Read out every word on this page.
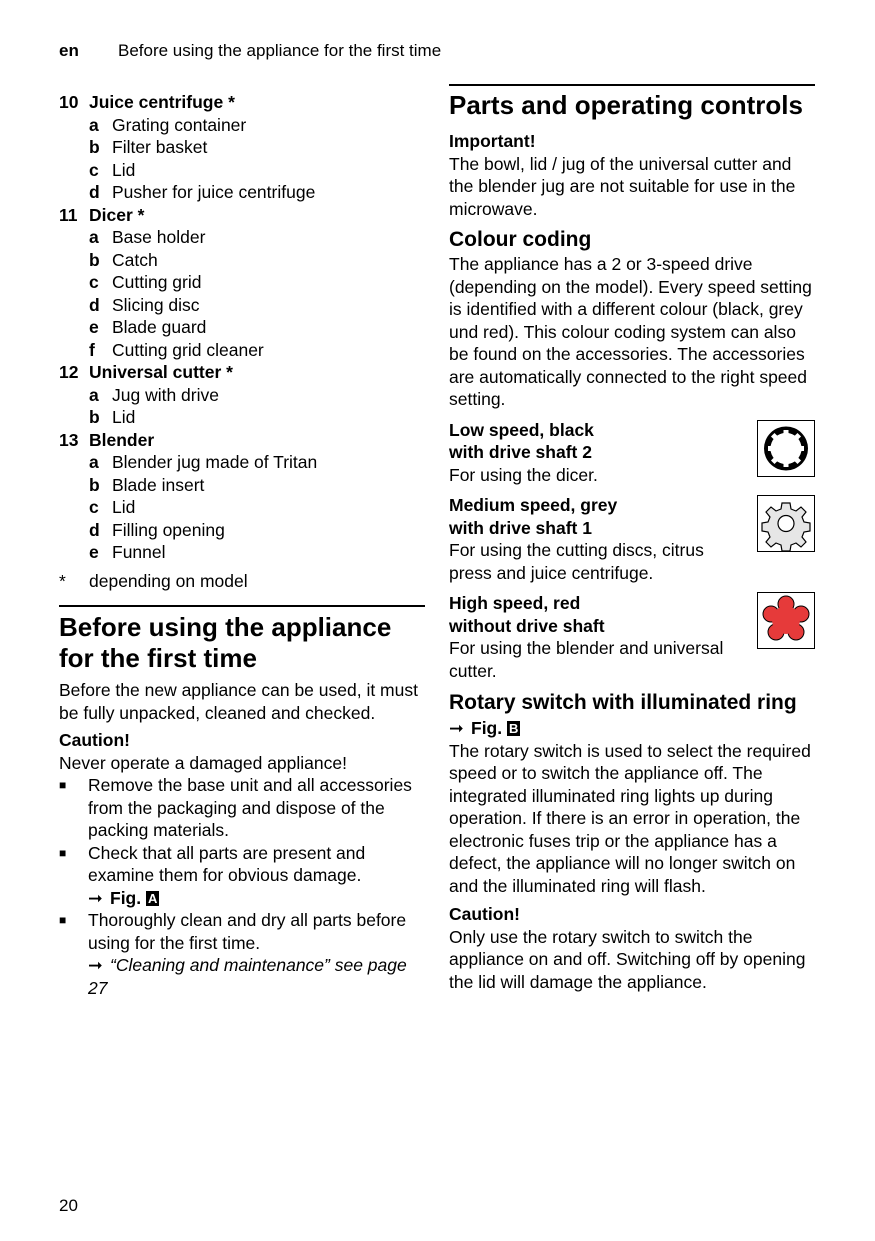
en Before using the appliance for the first time
10 Juice centrifuge *
a Grating container
b Filter basket
c Lid
d Pusher for juice centrifuge
11 Dicer *
a Base holder
b Catch
c Cutting grid
d Slicing disc
e Blade guard
f Cutting grid cleaner
12 Universal cutter *
a Jug with drive
b Lid
13 Blender
a Blender jug made of Tritan
b Blade insert
c Lid
d Filling opening
e Funnel
*	depending on model
Before using the appliance for the first time

Before the new appliance can be used, it must be fully unpacked, cleaned and checked.

Caution!

Never operate a damaged appliance!

■	Remove the base unit and all accessories from the packaging and dispose of the packing materials.
■	Check that all parts are present and examine them for obvious damage.
➞ Fig. A
■	Thoroughly clean and dry all parts before using for the first time.
➞ “Cleaning and maintenance” see page 27
Parts and operating controls

Important!

The bowl, lid / jug of the universal cutter and the blender jug are not suitable for use in the microwave.

Colour coding

The appliance has a 2 or 3-speed drive (depending on the model). Every speed setting is identified with a different colour (black, grey und red). This colour coding system can also be found on the accessories. The accessories are automatically connected to the right speed setting.

Low speed, black
with drive shaft 2
For using the dicer.
Medium speed, grey
with drive shaft 1
For using the cutting discs, citrus press and juice centrifuge.
High speed, red
without drive shaft
For using the blender and universal cutter.
Rotary switch with illuminated ring

➞ Fig. B

The rotary switch is used to select the required speed or to switch the appliance off. The integrated illuminated ring lights up during operation. If there is an error in operation, the electronic fuses trip or the appliance has a defect, the appliance will no longer switch on and the illuminated ring will flash.

Caution!

Only use the rotary switch to switch the appliance on and off. Switching off by opening the lid will damage the appliance.

20
